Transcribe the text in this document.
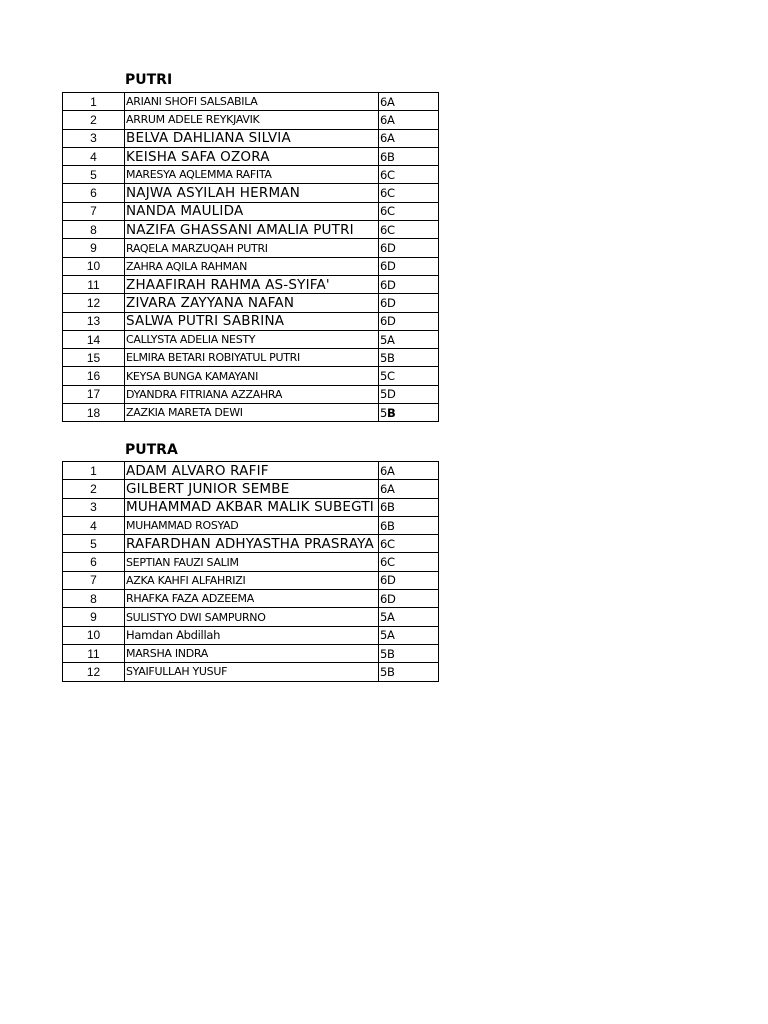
PUTRI
1	ARIANI SHOFI SALSABILA	6A
2	ARRUM ADELE REYKJAVIK	6A
3	BELVA DAHLIANA SILVIA	6A
4	KEISHA SAFA OZORA	6B
5	MARESYA AQLEMMA RAFITA	6C
6	NAJWA ASYILAH HERMAN	6C
7	NANDA MAULIDA	6C
8	NAZIFA GHASSANI AMALIA PUTRI	6C
9	RAQELA MARZUQAH PUTRI	6D
10	ZAHRA AQILA RAHMAN	6D
11	ZHAAFIRAH RAHMA AS-SYIFA'	6D
12	ZIVARA ZAYYANA NAFAN	6D
13	SALWA PUTRI SABRINA	6D
14	CALLYSTA ADELIA NESTY	5A
15	ELMIRA BETARI ROBIYATUL PUTRI	5B
16	KEYSA BUNGA KAMAYANI	5C
17	DYANDRA FITRIANA AZZAHRA	5D
18	ZAZKIA MARETA DEWI	5B
PUTRA
1	ADAM ALVARO RAFIF	6A
2	GILBERT JUNIOR SEMBE	6A
3	MUHAMMAD AKBAR MALIK SUBEGTI	6B
4	MUHAMMAD ROSYAD	6B
5	RAFARDHAN ADHYASTHA PRASRAYA	6C
6	SEPTIAN FAUZI SALIM	6C
7	AZKA KAHFI ALFAHRIZI	6D
8	RHAFKA FAZA ADZEEMA	6D
9	SULISTYO DWI SAMPURNO	5A
10	Hamdan Abdillah	5A
11	MARSHA INDRA	5B
12	SYAIFULLAH YUSUF	5B
